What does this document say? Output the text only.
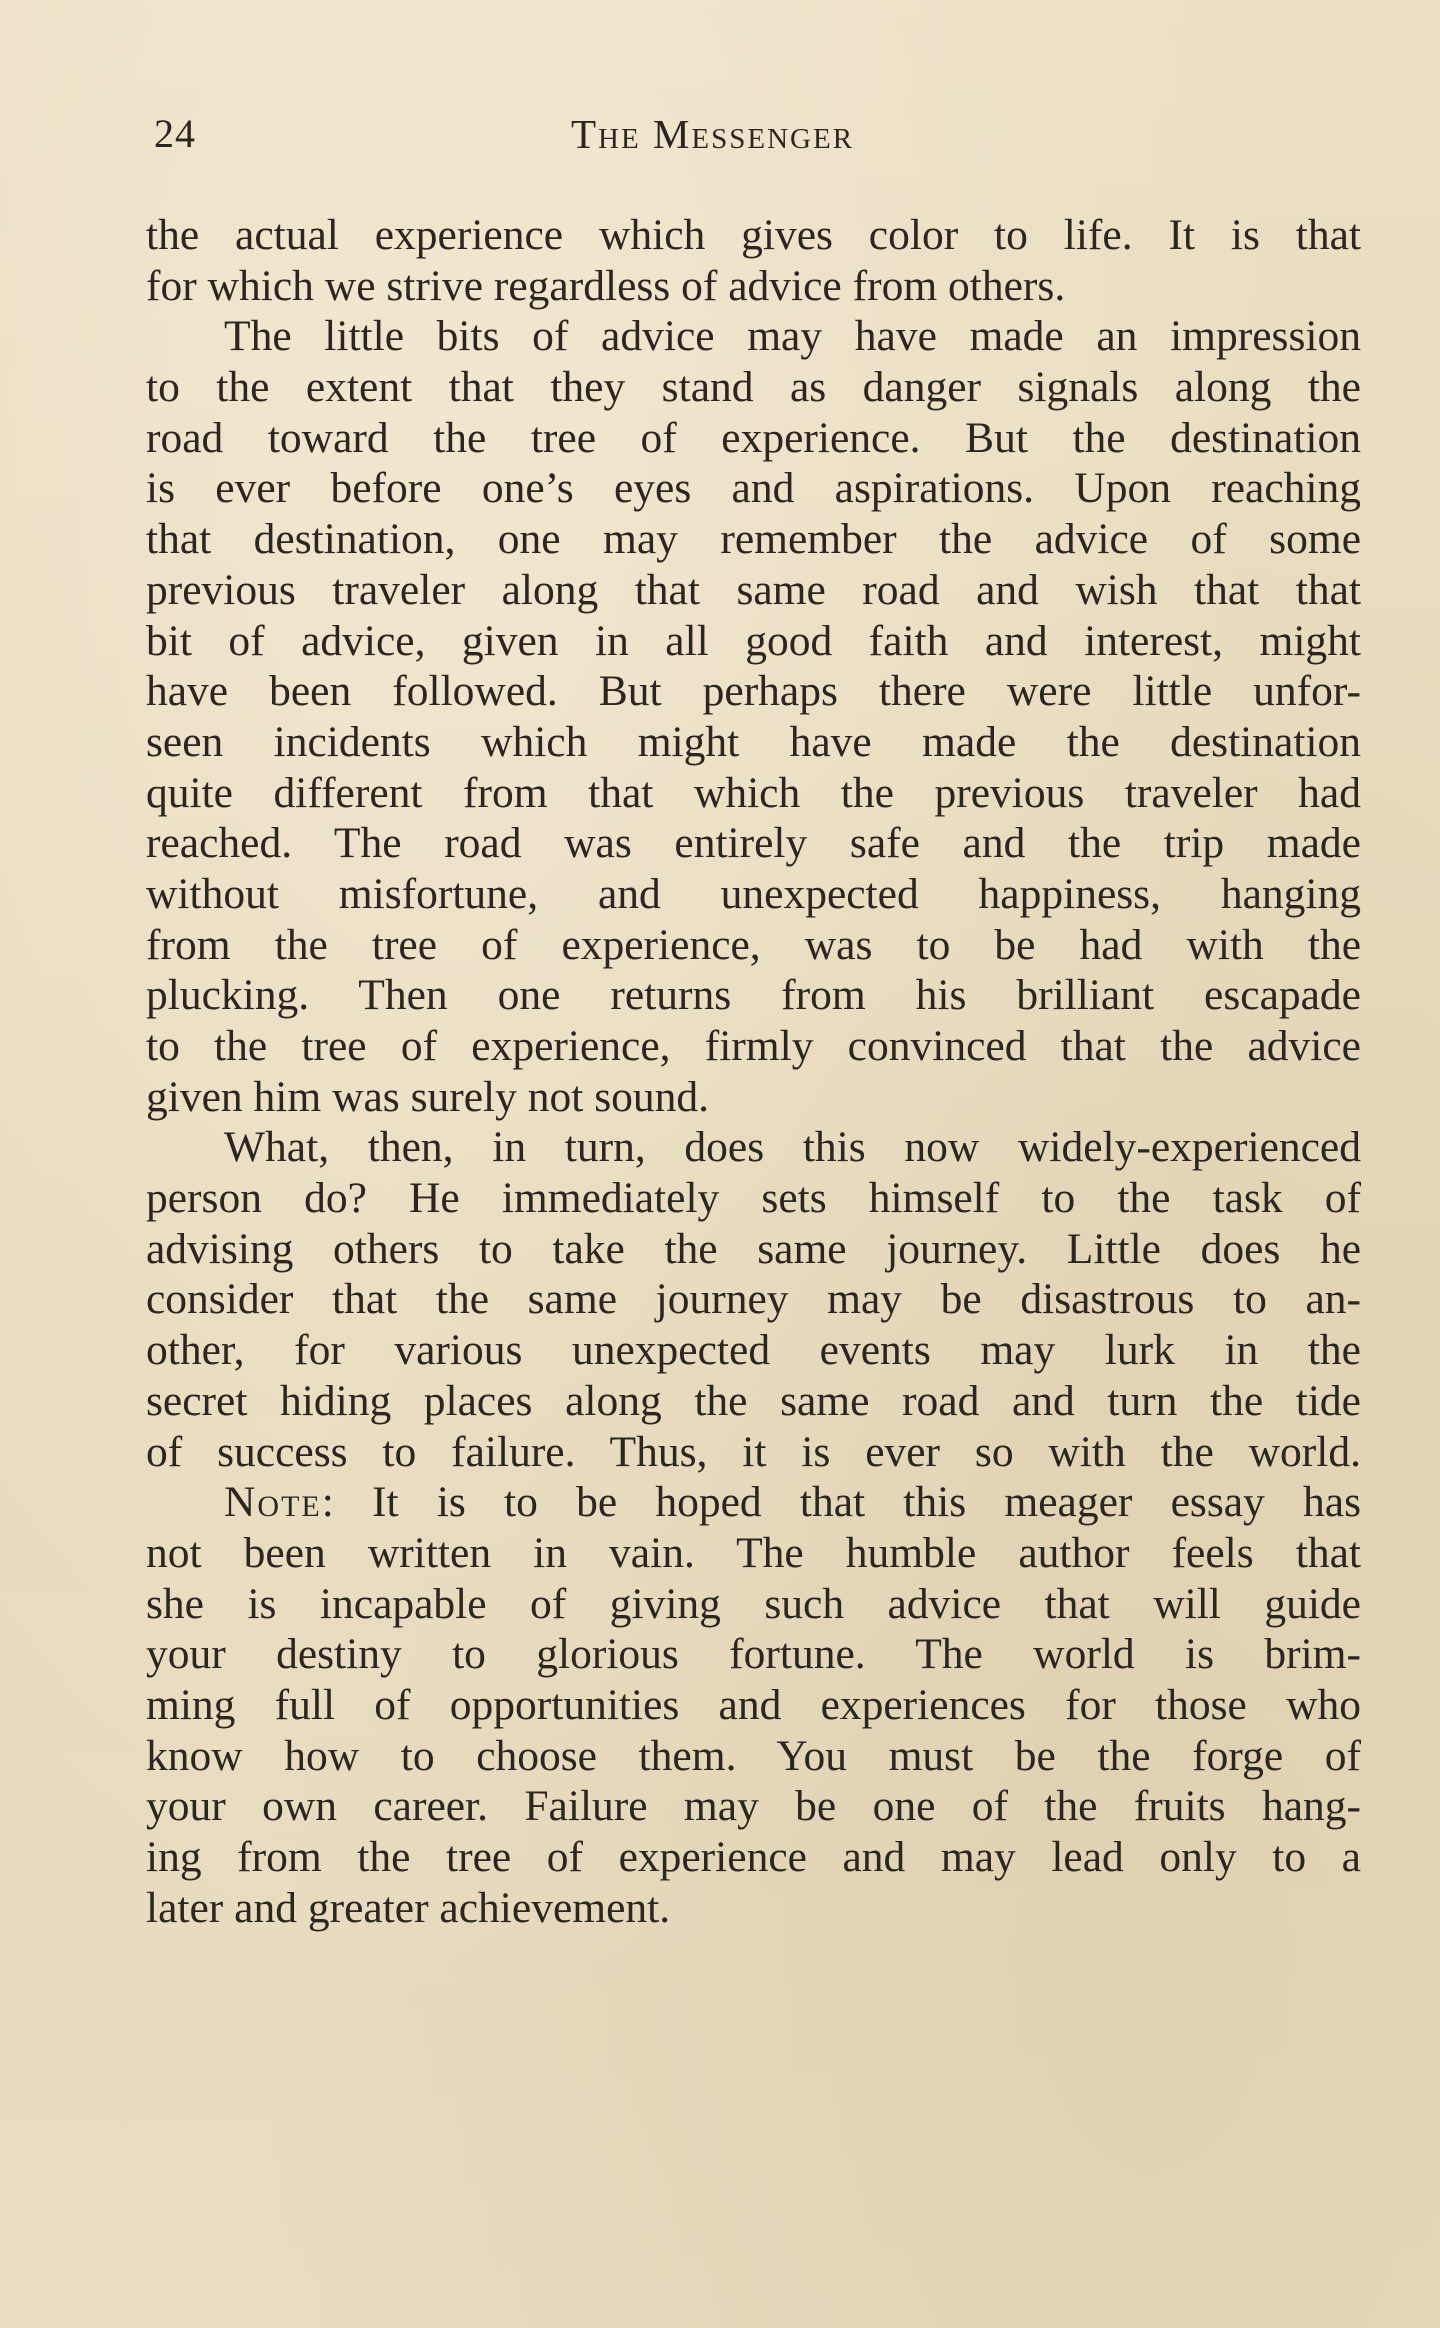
24	The Messenger
the actual experience which gives color to life. It is that
for which we strive regardless of advice from others.
The little bits of advice may have made an impression
to the extent that they stand as danger signals along the
road toward the tree of experience. But the destination
is ever before one’s eyes and aspirations. Upon reaching
that destination, one may remember the advice of some
previous traveler along that same road and wish that that
bit of advice, given in all good faith and interest, might
have been followed. But perhaps there were little unfor-
seen incidents which might have made the destination
quite different from that which the previous traveler had
reached. The road was entirely safe and the trip made
without misfortune, and unexpected happiness, hanging
from the tree of experience, was to be had with the
plucking. Then one returns from his brilliant escapade
to the tree of experience, firmly convinced that the advice
given him was surely not sound.
What, then, in turn, does this now widely-experienced
person do? He immediately sets himself to the task of
advising others to take the same journey. Little does he
consider that the same journey may be disastrous to an-
other, for various unexpected events may lurk in the
secret hiding places along the same road and turn the tide
of success to failure. Thus, it is ever so with the world.
Note: It is to be hoped that this meager essay has
not been written in vain. The humble author feels that
she is incapable of giving such advice that will guide
your destiny to glorious fortune. The world is brim-
ming full of opportunities and experiences for those who
know how to choose them. You must be the forge of
your own career. Failure may be one of the fruits hang-
ing from the tree of experience and may lead only to a
later and greater achievement.
